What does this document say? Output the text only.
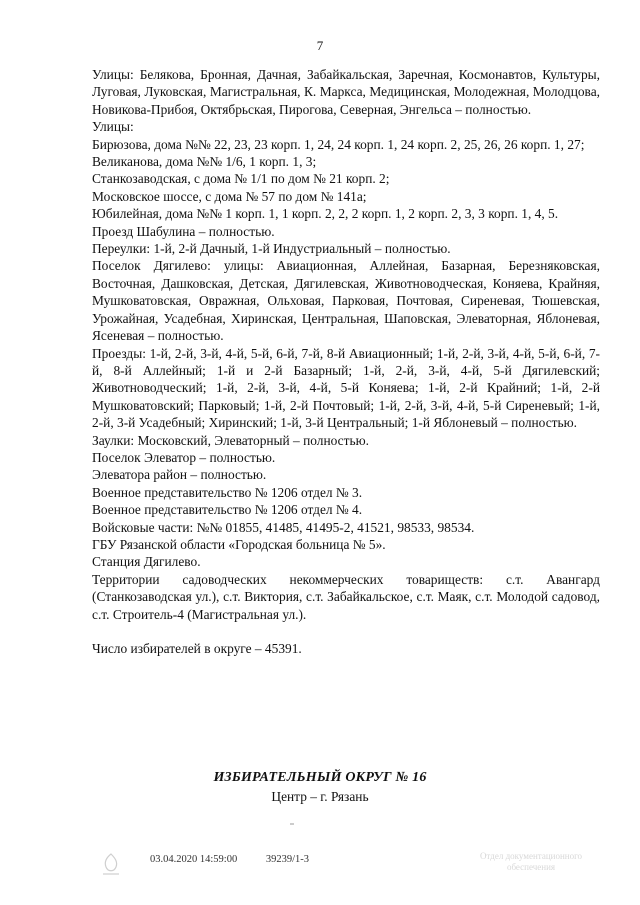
7

Улицы: Белякова, Бронная, Дачная, Забайкальская, Заречная, Космонавтов, Культуры, Луговая, Луковская, Магистральная, К. Маркса, Медицинская, Молодежная, Молодцова, Новикова-Прибоя, Октябрьская, Пирогова, Северная, Энгельса – полностью.

Улицы:

Бирюзова, дома №№ 22, 23, 23 корп. 1, 24, 24 корп. 1, 24 корп. 2, 25, 26, 26 корп. 1, 27;

Великанова, дома №№ 1/6, 1 корп. 1, 3;

Станкозаводская, с дома № 1/1 по дом № 21 корп. 2;

Московское шоссе, с дома № 57 по дом № 141а;

Юбилейная, дома №№ 1 корп. 1, 1 корп. 2, 2, 2 корп. 1, 2 корп. 2, 3, 3 корп. 1, 4, 5.

Проезд Шабулина – полностью.

Переулки: 1-й, 2-й Дачный, 1-й Индустриальный – полностью.

Поселок Дягилево: улицы: Авиационная, Аллейная, Базарная, Березняковская, Восточная, Дашковская, Детская, Дягилевская, Животноводческая, Коняева, Крайняя, Мушковатовская, Овражная, Ольховая, Парковая, Почтовая, Сиреневая, Тюшевская, Урожайная, Усадебная, Хиринская, Центральная, Шаповская, Элеваторная, Яблоневая, Ясеневая – полностью.

Проезды: 1-й, 2-й, 3-й, 4-й, 5-й, 6-й, 7-й, 8-й Авиационный; 1-й, 2-й, 3-й, 4-й, 5-й, 6-й, 7-й, 8-й Аллейный; 1-й и 2-й Базарный; 1-й, 2-й, 3-й, 4-й, 5-й Дягилевский; Животноводческий; 1-й, 2-й, 3-й, 4-й, 5-й Коняева; 1-й, 2-й Крайний; 1-й, 2-й Мушковатовский; Парковый; 1-й, 2-й Почтовый; 1-й, 2-й, 3-й, 4-й, 5-й Сиреневый; 1-й, 2-й, 3-й Усадебный; Хиринский; 1-й, 3-й Центральный; 1-й Яблоневый – полностью.

Заулки: Московский, Элеваторный – полностью.

Поселок Элеватор – полностью.

Элеватора район – полностью.

Военное представительство № 1206 отдел № 3.

Военное представительство № 1206 отдел № 4.

Войсковые части: №№ 01855, 41485, 41495-2, 41521, 98533, 98534.

ГБУ Рязанской области «Городская больница № 5».

Станция Дягилево.

Территории садоводческих некоммерческих товариществ: с.т. Авангард (Станкозаводская ул.), с.т. Виктория, с.т. Забайкальское, с.т. Маяк, с.т. Молодой садовод, с.т. Строитель-4 (Магистральная ул.).

Число избирателей в округе – 45391.

ИЗБИРАТЕЛЬНЫЙ ОКРУГ № 16
Центр – г. Рязань
03.04.2020 14:59:00	39239/1-3	Отдел документационного обеспечения
